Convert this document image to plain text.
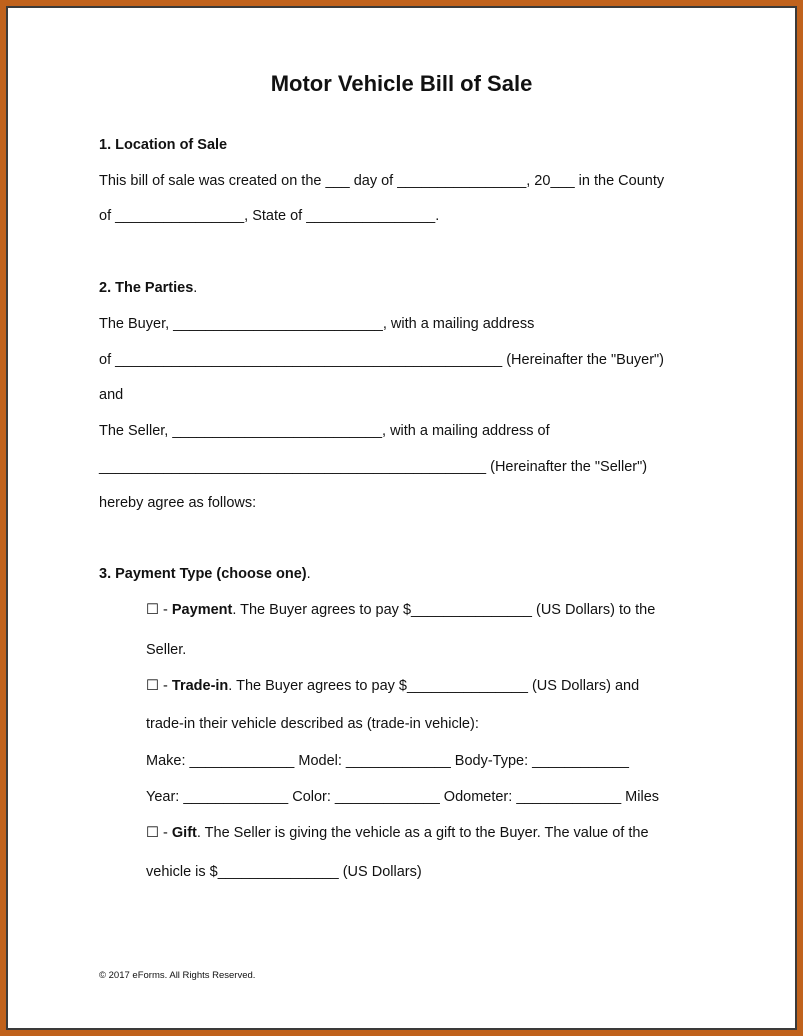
Motor Vehicle Bill of Sale
1. Location of Sale
This bill of sale was created on the ___ day of ________________, 20___ in the County
of ________________, State of ________________.
2. The Parties.
The Buyer, __________________________, with a mailing address
of ________________________________________________ (Hereinafter the "Buyer")
and
The Seller, __________________________, with a mailing address of
________________________________________________ (Hereinafter the "Seller")
hereby agree as follows:
3. Payment Type (choose one).
☐ - Payment. The Buyer agrees to pay $_______________ (US Dollars) to the
Seller.
☐ - Trade-in. The Buyer agrees to pay $_______________ (US Dollars) and
trade-in their vehicle described as (trade-in vehicle):
Make: _____________ Model: _____________ Body-Type: ____________
Year: _____________ Color: _____________ Odometer: _____________ Miles
☐ - Gift. The Seller is giving the vehicle as a gift to the Buyer. The value of the
vehicle is $_______________ (US Dollars)
© 2017 eForms. All Rights Reserved.
